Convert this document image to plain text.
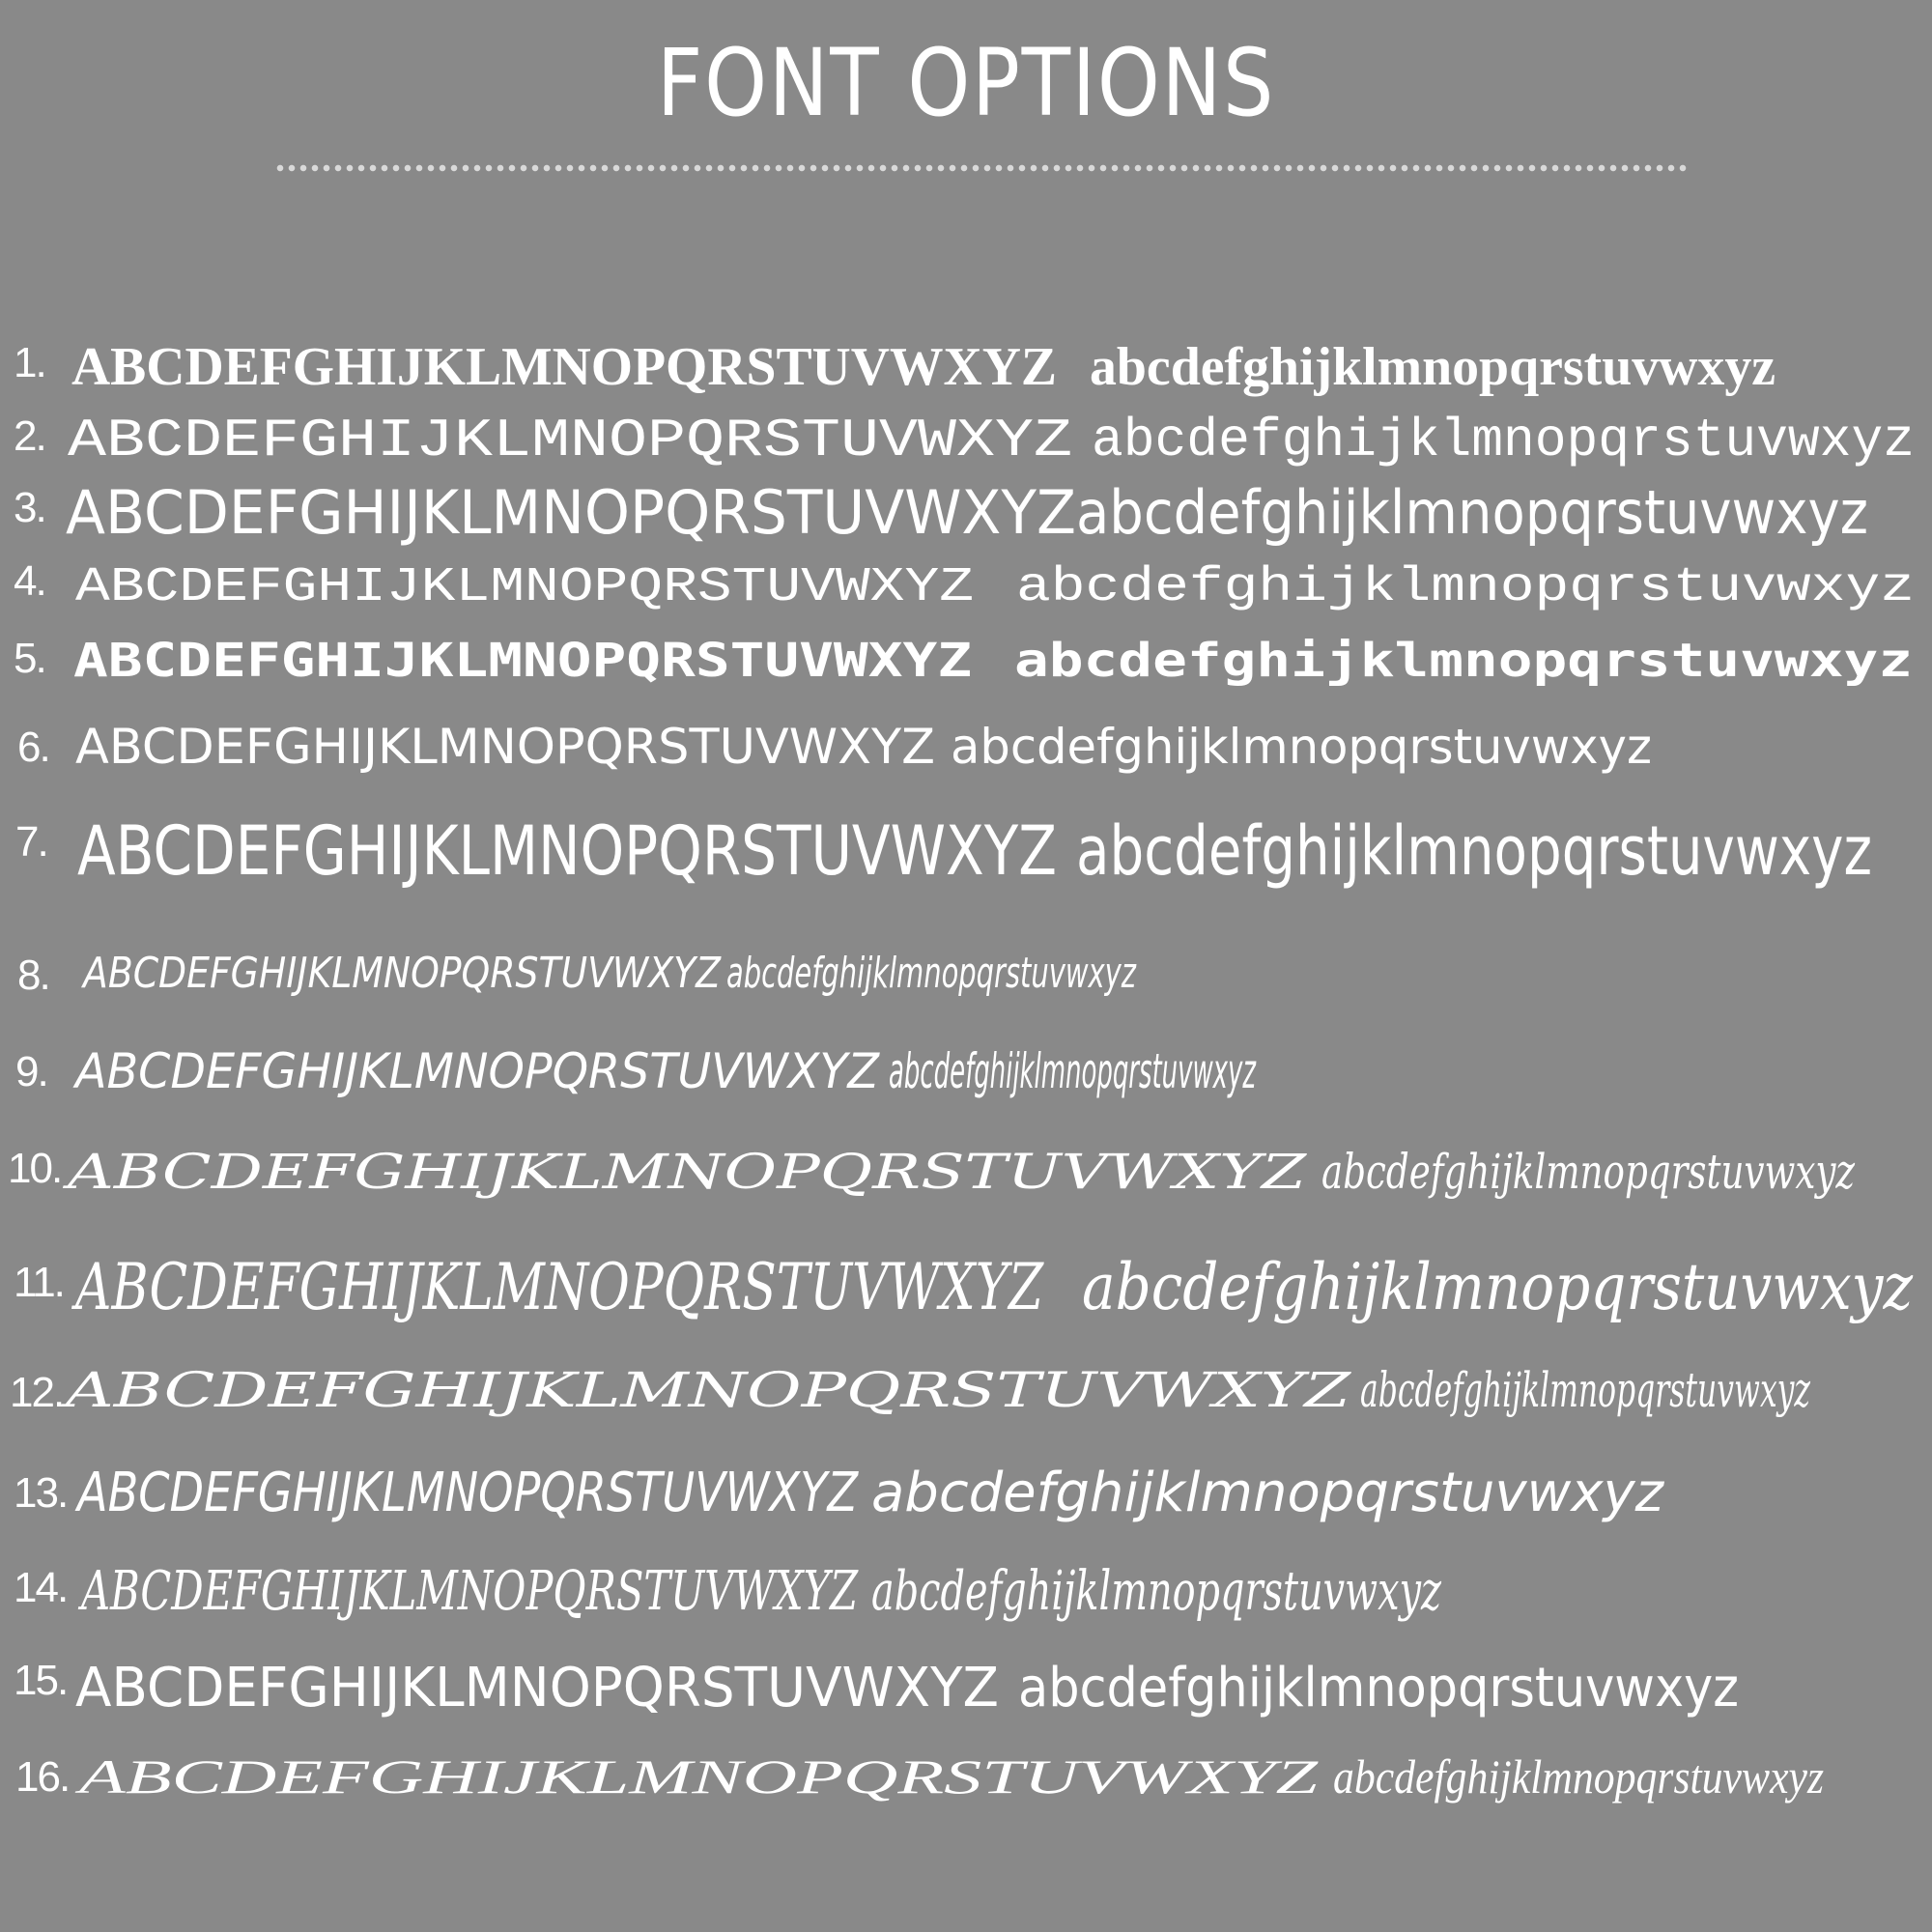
FONT OPTIONS
1. ABCDEFGHIJKLMNOPQRSTUVWXYZ abcdefghijklmnopqrstuvwxyz
2. ABCDEFGHIJKLMNOPQRSTUVWXYZ abcdefghijklmnopqrstuvwxyz
3. ABCDEFGHIJKLMNOPQRSTUVWXYZabcdefghijklmnopqrstuvwxyz
4. ABCDEFGHIJKLMNOPQRSTUVWXYZ abcdefghijklmnopqrstuvwxyz
5. ABCDEFGHIJKLMNOPQRSTUVWXYZ abcdefghijklmnopqrstuvwxyz
6. ABCDEFGHIJKLMNOPQRSTUVWXYZ abcdefghijklmnopqrstuvwxyz
7. ABCDEFGHIJKLMNOPQRSTUVWXYZ abcdefghijklmnopqrstuvwxyz
8. ABCDEFGHIJKLMNOPQRSTUVWXYZ abcdefghijklmnopqrstuvwxyz
9. ABCDEFGHIJKLMNOPQRSTUVWXYZ abcdefghijklmnopqrstuvwxyz
10. ABCDEFGHIJKLMNOPQRSTUVWXYZ abcdefghijklmnopqrstuvwxyz
11. ABCDEFGHIJKLMNOPQRSTUVWXYZ abcdefghijklmnopqrstuvwxyz
12. ABCDEFGHIJKLMNOPQRSTUVWXYZ abcdefghijklmnopqrstuvwxyz
13. ABCDEFGHIJKLMNOPQRSTUVWXYZ abcdefghijklmnopqrstuvwxyz
14. ABCDEFGHIJKLMNOPQRSTUVWXYZ abcdefghijklmnopqrstuvwxyz
15. ABCDEFGHIJKLMNOPQRSTUVWXYZ abcdefghijklmnopqrstuvwxyz
16. ABCDEFGHIJKLMNOPQRSTUVWXYZ abcdefghijklmnopqrstuvwxyz
